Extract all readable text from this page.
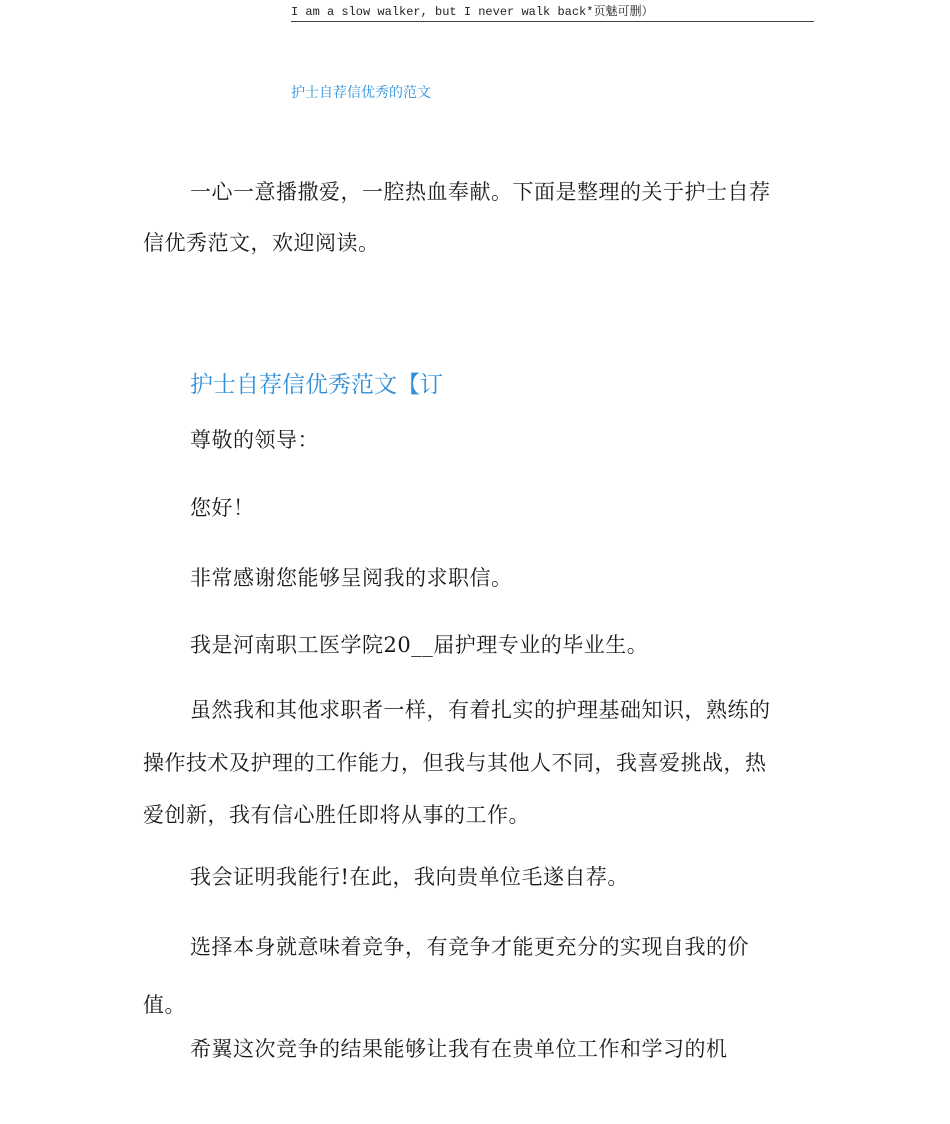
I am a slow walker, but I never walk back*页魅可删）
护士自荐信优秀的范文
一心一意播撒爱，一腔热血奉献。下面是整理的关于护士自荐
信优秀范文，欢迎阅读。
护士自荐信优秀范文【订
尊敬的领导：
您好！
非常感谢您能够呈阅我的求职信。
我是河南职工医学院20__届护理专业的毕业生。
虽然我和其他求职者一样，有着扎实的护理基础知识，熟练的
操作技术及护理的工作能力，但我与其他人不同，我喜爱挑战，热
爱创新，我有信心胜任即将从事的工作。
我会证明我能行!在此，我向贵单位毛遂自荐。
选择本身就意味着竞争，有竞争才能更充分的实现自我的价
值。
希翼这次竞争的结果能够让我有在贵单位工作和学习的机
